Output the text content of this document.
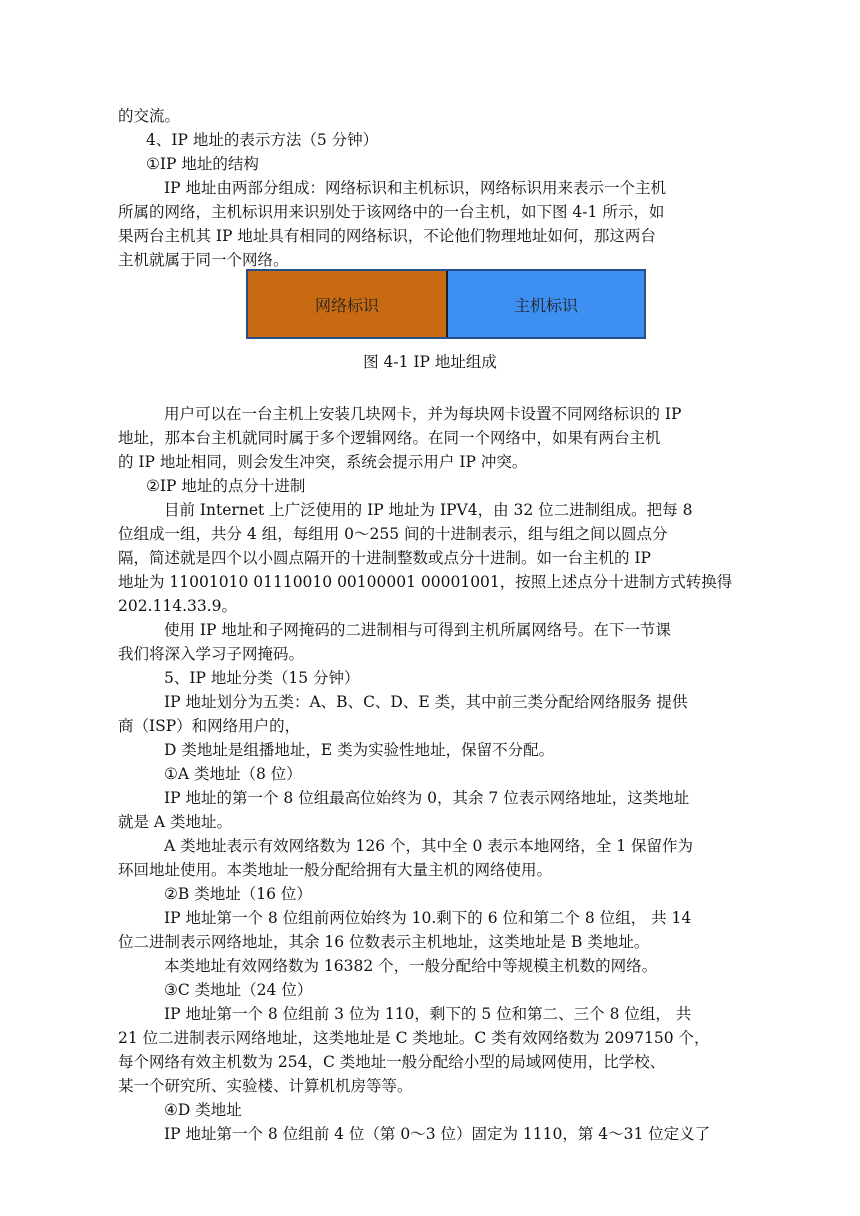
的交流。
4、IP 地址的表示方法（5 分钟）
①IP 地址的结构
IP 地址由两部分组成：网络标识和主机标识，网络标识用来表示一个主机
所属的网络，主机标识用来识别处于该网络中的一台主机，如下图 4-1 所示，如
果两台主机其 IP 地址具有相同的网络标识，不论他们物理地址如何，那这两台
主机就属于同一个网络。
网络标识	主机标识
图 4-1 IP 地址组成
用户可以在一台主机上安装几块网卡，并为每块网卡设置不同网络标识的 IP
地址，那本台主机就同时属于多个逻辑网络。在同一个网络中，如果有两台主机
的 IP 地址相同，则会发生冲突，系统会提示用户 IP 冲突。
②IP 地址的点分十进制
目前 Internet 上广泛使用的 IP 地址为 IPV4，由 32 位二进制组成。把每 8
位组成一组，共分 4 组，每组用 0～255 间的十进制表示，组与组之间以圆点分
隔，简述就是四个以小圆点隔开的十进制整数或点分十进制。如一台主机的 IP
地址为 11001010 01110010 00100001 00001001，按照上述点分十进制方式转换得
202.114.33.9。
使用 IP 地址和子网掩码的二进制相与可得到主机所属网络号。在下一节课
我们将深入学习子网掩码。
5、IP 地址分类（15 分钟）
IP 地址划分为五类：A、B、C、D、E 类，其中前三类分配给网络服务 提供
商（ISP）和网络用户的，
D 类地址是组播地址，E 类为实验性地址，保留不分配。
①A 类地址（8 位）
IP 地址的第一个 8 位组最高位始终为 0，其余 7 位表示网络地址，这类地址
就是 A 类地址。
A 类地址表示有效网络数为 126 个，其中全 0 表示本地网络，全 1 保留作为
环回地址使用。本类地址一般分配给拥有大量主机的网络使用。
②B 类地址（16 位）
IP 地址第一个 8 位组前两位始终为 10.剩下的 6 位和第二个 8 位组， 共 14
位二进制表示网络地址，其余 16 位数表示主机地址，这类地址是 B 类地址。
本类地址有效网络数为 16382 个，一般分配给中等规模主机数的网络。
③C 类地址（24 位）
IP 地址第一个 8 位组前 3 位为 110，剩下的 5 位和第二、三个 8 位组， 共
21 位二进制表示网络地址，这类地址是 C 类地址。C 类有效网络数为 2097150 个，
每个网络有效主机数为 254，C 类地址一般分配给小型的局域网使用，比学校、
某一个研究所、实验楼、计算机机房等等。
④D 类地址
IP 地址第一个 8 位组前 4 位（第 0～3 位）固定为 1110，第 4～31 位定义了
